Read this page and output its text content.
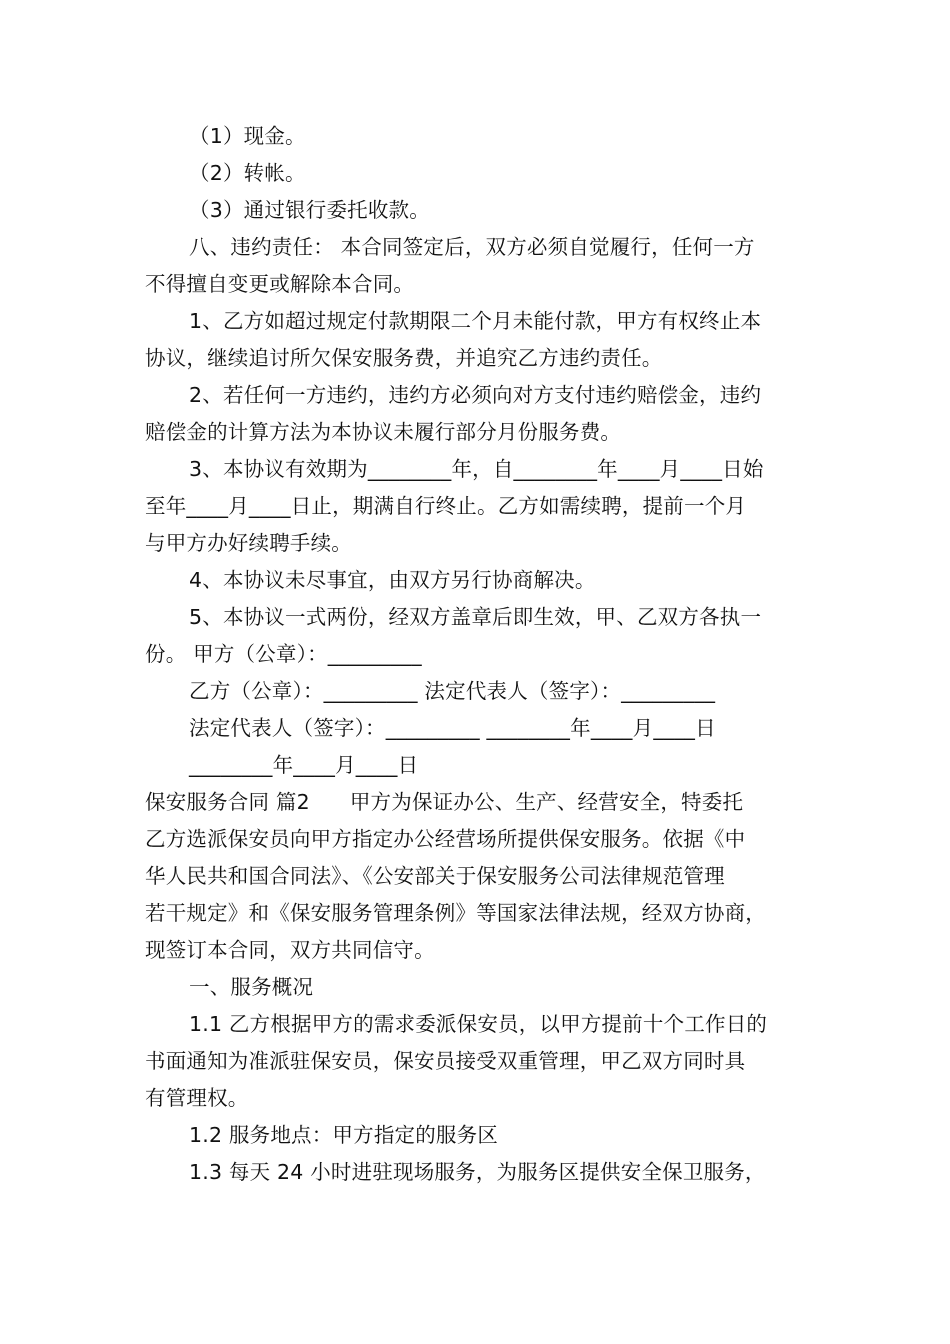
（1）现金。
（2）转帐。
（3）通过银行委托收款。
八、违约责任： 本合同签定后，双方必须自觉履行，任何一方
不得擅自变更或解除本合同。
1、乙方如超过规定付款期限二个月未能付款，甲方有权终止本
协议，继续追讨所欠保安服务费，并追究乙方违约责任。
2、若任何一方违约，违约方必须向对方支付违约赔偿金，违约
赔偿金的计算方法为本协议未履行部分月份服务费。
3、本协议有效期为________年，自________年____月____日始
至年____月____日止，期满自行终止。乙方如需续聘，提前一个月
与甲方办好续聘手续。
4、本协议未尽事宜，由双方另行协商解决。
5、本协议一式两份，经双方盖章后即生效，甲、乙双方各执一
份。 甲方（公章）：_________
乙方（公章）：_________ 法定代表人（签字）：_________
法定代表人（签字）：_________ ________年____月____日
________年____月____日
保安服务合同 篇2 甲方为保证办公、生产、经营安全，特委托
乙方选派保安员向甲方指定办公经营场所提供保安服务。依据《中
华人民共和国合同法》、《公安部关于保安服务公司法律规范管理
若干规定》和《保安服务管理条例》等国家法律法规，经双方协商，
现签订本合同，双方共同信守。
一、服务概况
1.1 乙方根据甲方的需求委派保安员，以甲方提前十个工作日的
书面通知为准派驻保安员，保安员接受双重管理，甲乙双方同时具
有管理权。
1.2 服务地点：甲方指定的服务区
1.3 每天 24 小时进驻现场服务，为服务区提供安全保卫服务，
